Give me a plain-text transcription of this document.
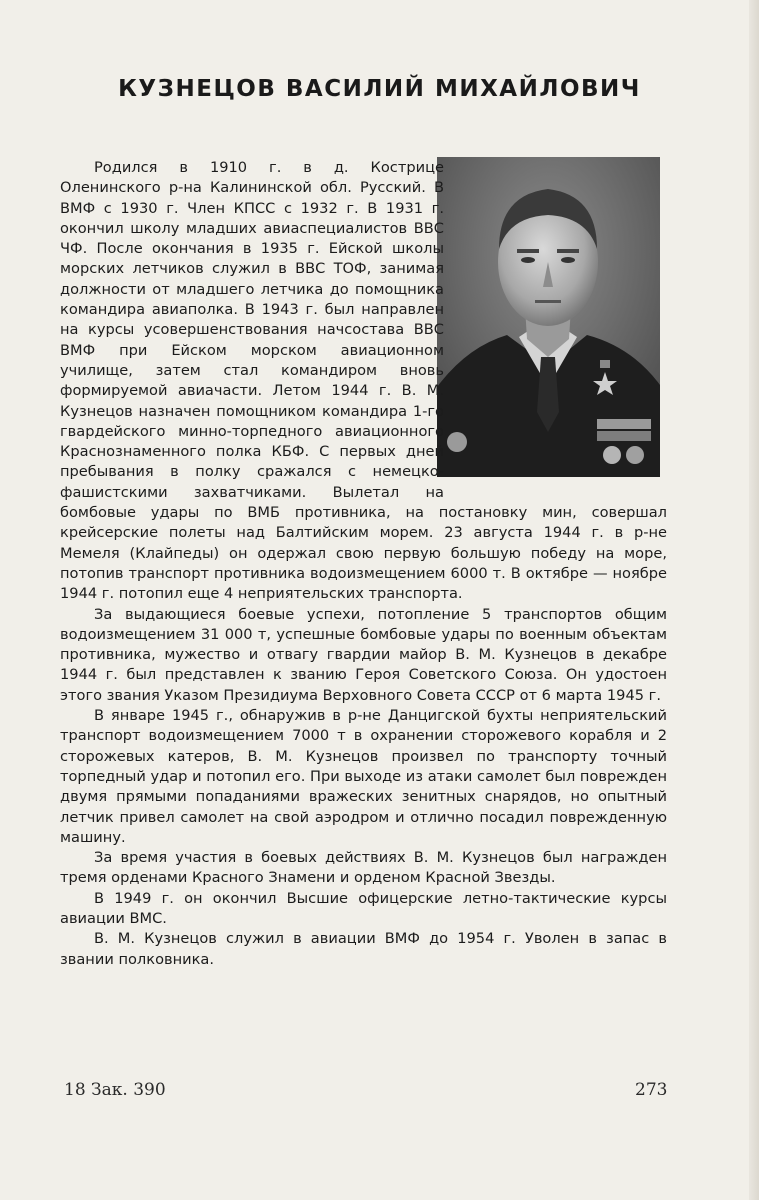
КУЗНЕЦОВ ВАСИЛИЙ МИХАЙЛОВИЧ

Родился в 1910 г. в д. Кострице Оленинского р-на Калининской обл. Русский. В ВМФ с 1930 г. Член КПСС с 1932 г. В 1931 г. окончил школу младших авиаспециалистов ВВС ЧФ. После окончания в 1935 г. Ейской школы морских летчиков служил в ВВС ТОФ, занимая должности от младшего летчика до помощника командира авиаполка. В 1943 г. был направлен на курсы усовершенствования начсостава ВВС ВМФ при Ейском морском авиационном училище, затем стал командиром вновь формируемой авиачасти. Летом 1944 г. В. М. Кузнецов назначен помощником командира 1-го гвардейского минно-торпедного авиационного Краснознаменного полка КБФ. С первых дней пребывания в полку сражался с немецко-фашистскими захватчиками. Вылетал на бомбовые удары по ВМБ противника, на постановку мин, совершал крейсерские полеты над Балтийским морем. 23 августа 1944 г. в р-не Мемеля (Клайпеды) он одержал свою первую большую победу на море, потопив транспорт противника водоизмещением 6000 т. В октябре — ноябре 1944 г. потопил еще 4 неприятельских транспорта.

За выдающиеся боевые успехи, потопление 5 транспортов общим водоизмещением 31 000 т, успешные бомбовые удары по военным объектам противника, мужество и отвагу гвардии майор В. М. Кузнецов в декабре 1944 г. был представлен к званию Героя Советского Союза. Он удостоен этого звания Указом Президиума Верховного Совета СССР от 6 марта 1945 г.

В январе 1945 г., обнаружив в р-не Данцигской бухты неприятельский транспорт водоизмещением 7000 т в охранении сторожевого корабля и 2 сторожевых катеров, В. М. Кузнецов произвел по транспорту точный торпедный удар и потопил его. При выходе из атаки самолет был поврежден двумя прямыми попаданиями вражеских зенитных снарядов, но опытный летчик привел самолет на свой аэродром и отлично посадил поврежденную машину.

За время участия в боевых действиях В. М. Кузнецов был награжден тремя орденами Красного Знамени и орденом Красной Звезды.

В 1949 г. он окончил Высшие офицерские летно-тактические курсы авиации ВМС.

В. М. Кузнецов служил в авиации ВМФ до 1954 г. Уволен в запас в звании полковника.

18 Зак. 390	273
